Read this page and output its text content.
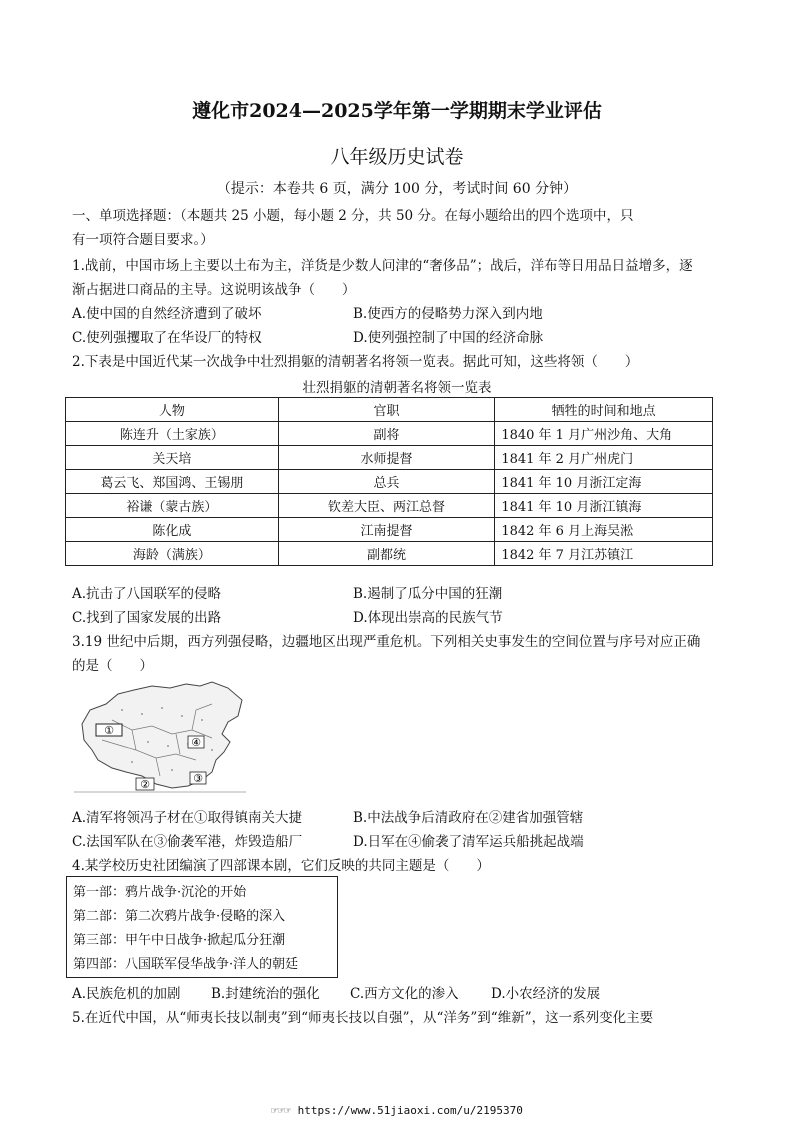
遵化市2024—2025学年第一学期期末学业评估
八年级历史试卷
（提示：本卷共 6 页，满分 100 分，考试时间 60 分钟）
一、单项选择题：（本题共 25 小题，每小题 2 分，共 50 分。在每小题给出的四个选项中，只
有一项符合题目要求。）
1.战前，中国市场上主要以土布为主，洋货是少数人问津的“奢侈品”；战后，洋布等日用品日益增多，逐
渐占据进口商品的主导。这说明该战争（　　）
A.使中国的自然经济遭到了破坏	B.使西方的侵略势力深入到内地
C.使列强攫取了在华设厂的特权	D.使列强控制了中国的经济命脉
2.下表是中国近代某一次战争中壮烈捐躯的清朝著名将领一览表。据此可知，这些将领（　　）
壮烈捐躯的清朝著名将领一览表
人物	官职	牺牲的时间和地点
陈连升（土家族）	副将	1840 年 1 月广州沙角、大角
关天培	水师提督	1841 年 2 月广州虎门
葛云飞、郑国鸿、王锡朋	总兵	1841 年 10 月浙江定海
裕谦（蒙古族）	钦差大臣、两江总督	1841 年 10 月浙江镇海
陈化成	江南提督	1842 年 6 月上海吴淞
海龄（满族）	副都统	1842 年 7 月江苏镇江
A.抗击了八国联军的侵略	B.遏制了瓜分中国的狂潮
C.找到了国家发展的出路	D.体现出崇高的民族气节
3.19 世纪中后期，西方列强侵略，边疆地区出现严重危机。下列相关史事发生的空间位置与序号对应正确
的是（　　）
①
②	③
④
A.清军将领冯子材在①取得镇南关大捷	B.中法战争后清政府在②建省加强管辖
C.法国军队在③偷袭军港，炸毁造船厂	D.日军在④偷袭了清军运兵船挑起战端
4.某学校历史社团编演了四部课本剧，它们反映的共同主题是（　　）
第一部：鸦片战争·沉沦的开始
第二部：第二次鸦片战争·侵略的深入
第三部：甲午中日战争·掀起瓜分狂潮
第四部：八国联军侵华战争·洋人的朝廷
A.民族危机的加剧 B.封建统治的强化 C.西方文化的渗入 D.小农经济的发展
5.在近代中国，从“师夷长技以制夷”到“师夷长技以自强”，从“洋务”到“维新”，这一系列变化主要
☞☞☞ https://www.51jiaoxi.com/u/2195370
